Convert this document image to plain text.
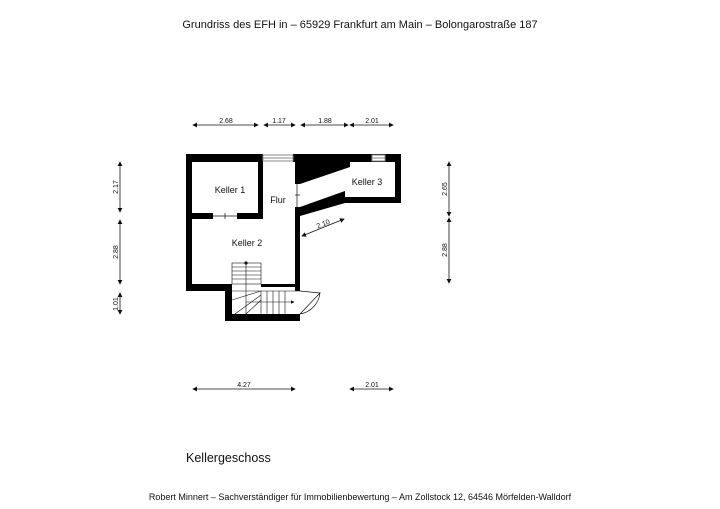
Grundriss des EFH in – 65929 Frankfurt am Main – Bolongarostraße 187
Keller 1
Flur
Keller 2
Keller 3
2.68	1.17	1.88	2.01
2.17
2.88
1.01
2.65
2.88
4.27	2.01
2.10
Kellergeschoss
Robert Minnert – Sachverständiger für Immobilienbewertung – Am Zollstock 12, 64546 Mörfelden-Walldorf
